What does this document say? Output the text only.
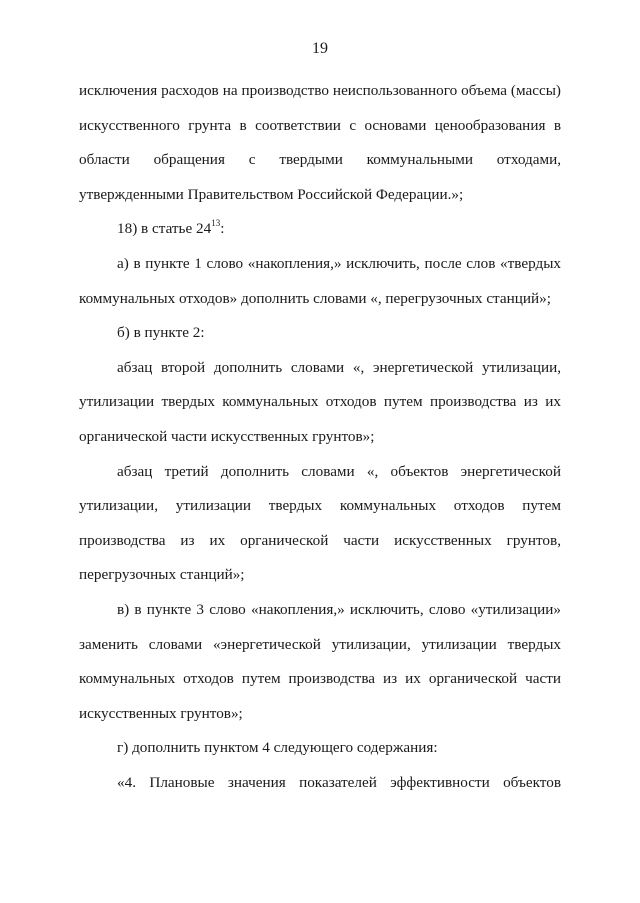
19
исключения расходов на производство неиспользованного объема (массы)
искусственного грунта в соответствии с основами ценообразования в
области обращения с твердыми коммунальными отходами,
утвержденными Правительством Российской Федерации.»;
18) в статье $24^{13}$:
а) в пункте 1 слово «накопления,» исключить, после слов «твердых
коммунальных отходов» дополнить словами «, перегрузочных станций»;
б) в пункте 2:
абзац второй дополнить словами «, энергетической утилизации,
утилизации твердых коммунальных отходов путем производства из их
органической части искусственных грунтов»;
абзац третий дополнить словами «, объектов энергетической
утилизации, утилизации твердых коммунальных отходов путем
производства из их органической части искусственных грунтов,
перегрузочных станций»;
в) в пункте 3 слово «накопления,» исключить, слово «утилизации»
заменить словами «энергетической утилизации, утилизации твердых
коммунальных отходов путем производства из их органической части
искусственных грунтов»;
г) дополнить пунктом 4 следующего содержания:
«4. Плановые значения показателей эффективности объектов
